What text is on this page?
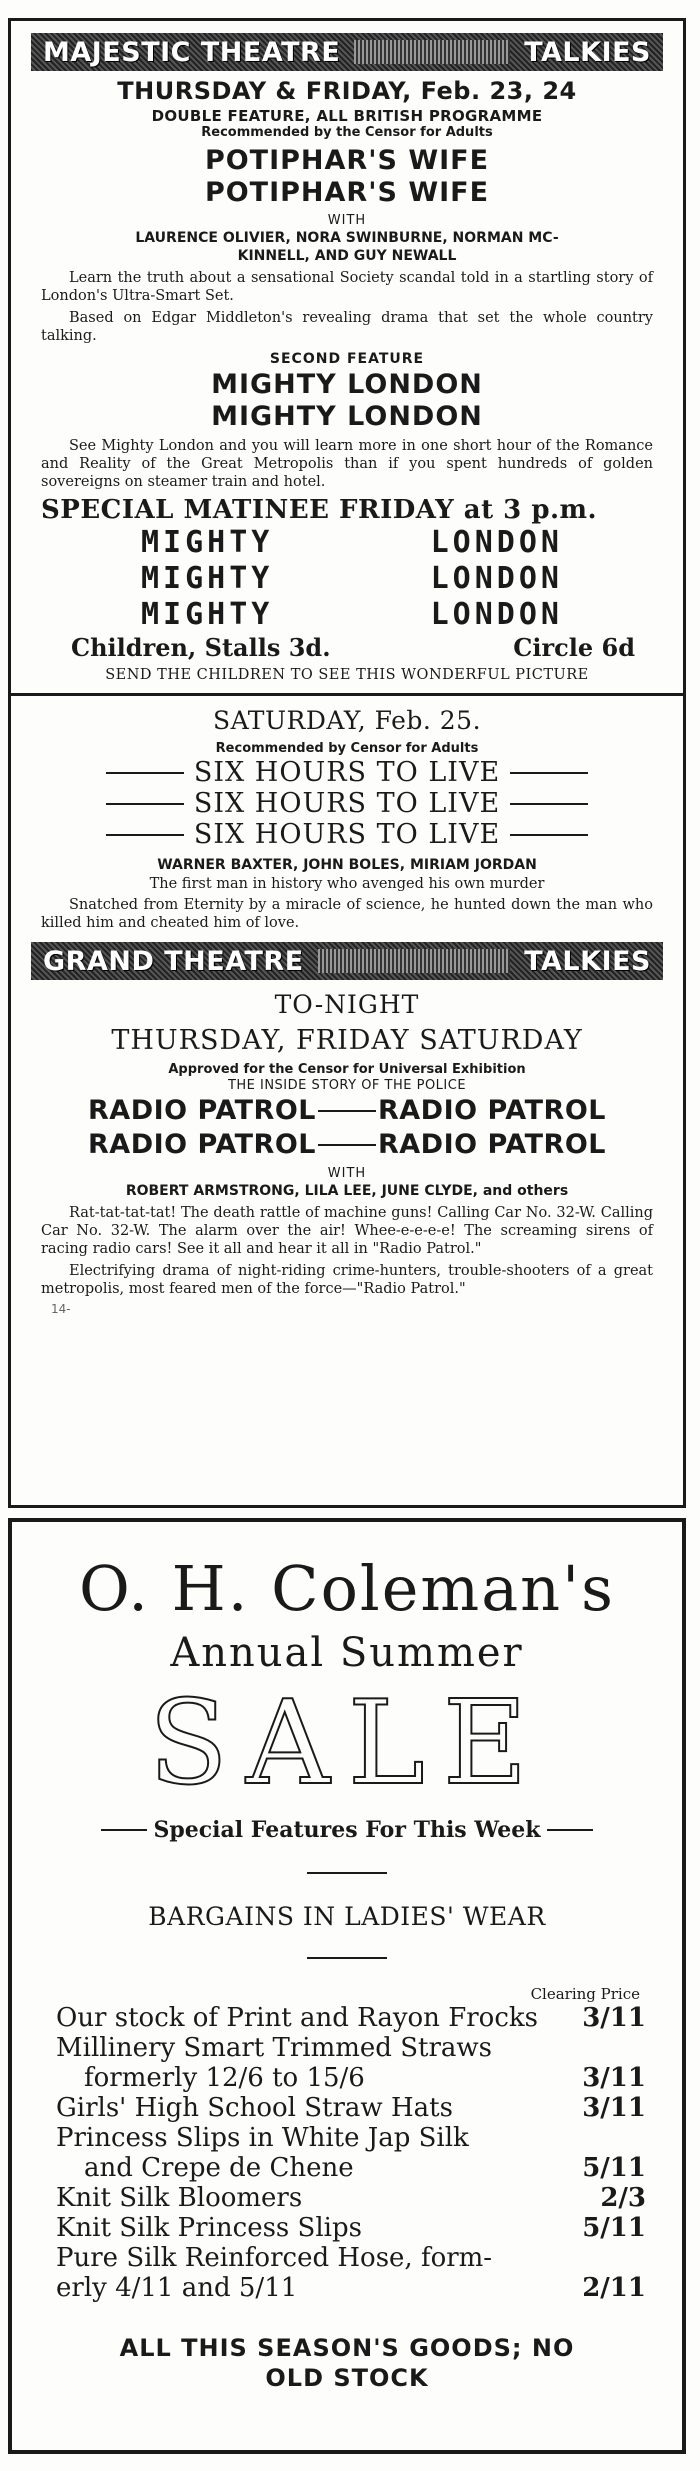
MAJESTIC THEATRE	TALKIES
THURSDAY & FRIDAY, Feb. 23, 24
DOUBLE FEATURE, ALL BRITISH PROGRAMME
Recommended by the Censor for Adults
POTIPHAR'S WIFE
POTIPHAR'S WIFE
WITH
LAURENCE OLIVIER, NORA SWINBURNE, NORMAN MC-
KINNELL, AND GUY NEWALL

Learn the truth about a sensational Society scandal told in a startling story of London's Ultra-Smart Set.

Based on Edgar Middleton's revealing drama that set the whole country talking.

SECOND FEATURE
MIGHTY LONDON
MIGHTY LONDON

See Mighty London and you will learn more in one short hour of the Romance and Reality of the Great Metropolis than if you spent hundreds of golden sovereigns on steamer train and hotel.

SPECIAL MATINEE FRIDAY at 3 p.m.
MIGHTY	LONDON
MIGHTY	LONDON
MIGHTY	LONDON
Children, Stalls 3d.	Circle 6d
SEND THE CHILDREN TO SEE THIS WONDERFUL PICTURE
SATURDAY, Feb. 25.
Recommended by Censor for Adults
SIX HOURS TO LIVE
SIX HOURS TO LIVE
SIX HOURS TO LIVE
WARNER BAXTER, JOHN BOLES, MIRIAM JORDAN
The first man in history who avenged his own murder

Snatched from Eternity by a miracle of science, he hunted down the man who killed him and cheated him of love.

GRAND THEATRE	TALKIES
TO-NIGHT
THURSDAY, FRIDAY SATURDAY
Approved for the Censor for Universal Exhibition
THE INSIDE STORY OF THE POLICE
RADIO PATROL RADIO PATROL
RADIO PATROL RADIO PATROL
WITH
ROBERT ARMSTRONG, LILA LEE, JUNE CLYDE, and others

Rat-tat-tat-tat! The death rattle of machine guns! Calling Car No. 32-W. Calling Car No. 32-W. The alarm over the air! Whee-e-e-e-e! The screaming sirens of racing radio cars! See it all and hear it all in "Radio Patrol."

Electrifying drama of night-riding crime-hunters, trouble-shooters of a great metropolis, most feared men of the force—"Radio Patrol."

14-
O. H. Coleman's
Annual Summer
SALE
Special Features For This Week
BARGAINS IN LADIES' WEAR
Clearing Price
Our stock of Print and Rayon Frocks	3/11
Millinery Smart Trimmed Straws
formerly 12/6 to 15/6	3/11
Girls' High School Straw Hats	3/11
Princess Slips in White Jap Silk
and Crepe de Chene	5/11
Knit Silk Bloomers	2/3
Knit Silk Princess Slips	5/11
Pure Silk Reinforced Hose, form-
erly 4/11 and 5/11	2/11
ALL THIS SEASON'S GOODS; NO
OLD STOCK
